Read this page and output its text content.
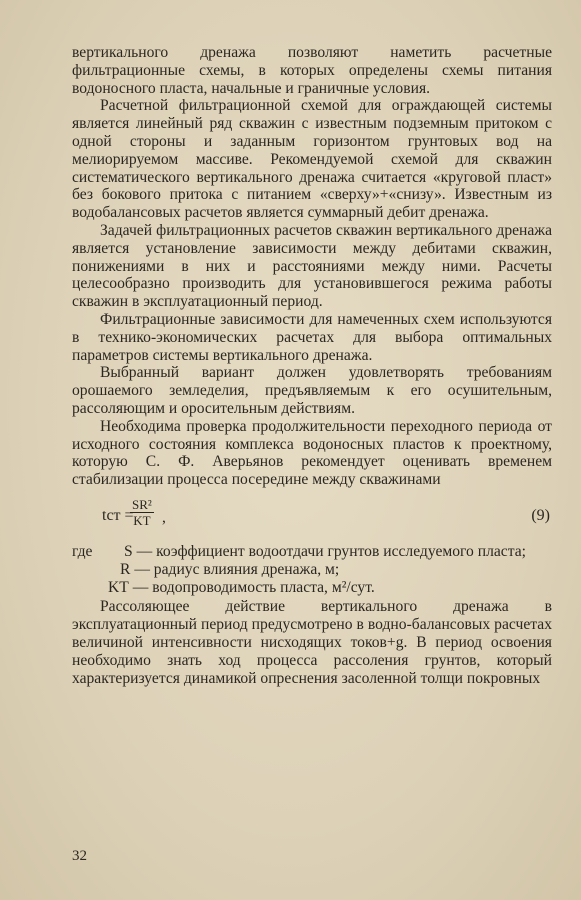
вертикального дренажа позволяют наметить расчетные фильтрационные схемы, в которых определены схемы питания водоносного пласта, начальные и граничные условия.

Расчетной фильтрационной схемой для ограждающей системы является линейный ряд скважин с известным подземным притоком с одной стороны и заданным горизонтом грунтовых вод на мелиорируемом массиве. Рекомендуемой схемой для скважин систематического вертикального дренажа считается «круговой пласт» без бокового притока с питанием «сверху»+«снизу». Известным из водобалансовых расчетов является суммарный дебит дренажа.

Задачей фильтрационных расчетов скважин вертикального дренажа является установление зависимости между дебитами скважин, понижениями в них и расстояниями между ними. Расчеты целесообразно производить для установившегося режима работы скважин в эксплуатационный период.

Фильтрационные зависимости для намеченных схем используются в технико-экономических расчетах для выбора оптимальных параметров системы вертикального дренажа.

Выбранный вариант должен удовлетворять требованиям орошаемого земледелия, предъявляемым к его осушительным, рассоляющим и оросительным действиям.

Необходима проверка продолжительности переходного периода от исходного состояния комплекса водоносных пластов к проектному, которую С. Ф. Аверьянов рекомендует оценивать временем стабилизации процесса посередине между скважинами

tст =
$\frac{\text{SR²}}{KT}$ ,	(9)
где S — коэффициент водоотдачи грунтов исследуемого пласта;
R — радиус влияния дренажа, м;
KT — водопроводимость пласта, м²/сут.

Рассоляющее действие вертикального дренажа в эксплуатационный период предусмотрено в водно-балансовых расчетах величиной интенсивности нисходящих токов+g. В период освоения необходимо знать ход процесса рассоления грунтов, который характеризуется динамикой опреснения засоленной толщи покровных

32
